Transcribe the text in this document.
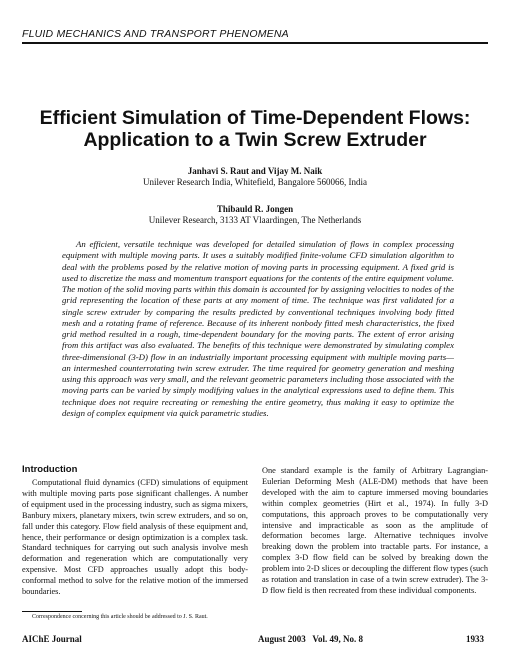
FLUID MECHANICS AND TRANSPORT PHENOMENA
Efficient Simulation of Time-Dependent Flows:
Application to a Twin Screw Extruder
Janhavi S. Raut and Vijay M. Naik
Unilever Research India, Whitefield, Bangalore 560066, India
Thibauld R. Jongen
Unilever Research, 3133 AT Vlaardingen, The Netherlands

An efficient, versatile technique was developed for detailed simulation of flows in complex processing equipment with multiple moving parts. It uses a suitably modified finite-volume CFD simulation algorithm to deal with the problems posed by the relative motion of moving parts in processing equipment. A fixed grid is used to discretize the mass and momentum transport equations for the contents of the entire equipment volume. The motion of the solid moving parts within this domain is accounted for by assigning velocities to nodes of the grid representing the location of these parts at any moment of time. The technique was first validated for a single screw extruder by comparing the results predicted by conventional techniques involving body fitted mesh and a rotating frame of reference. Because of its inherent nonbody fitted mesh characteristics, the fixed grid method resulted in a rough, time-dependent boundary for the moving parts. The extent of error arising from this artifact was also evaluated. The benefits of this technique were demonstrated by simulating complex three-dimensional (3-D) flow in an industrially important processing equipment with multiple moving parts—an intermeshed counterrotating twin screw extruder. The time required for geometry generation and meshing using this approach was very small, and the relevant geometric parameters including those associated with the moving parts can be varied by simply modifying values in the analytical expressions used to define them. This technique does not require recreating or remeshing the entire geometry, thus making it easy to optimize the design of complex equipment via quick parametric studies.

Introduction

Computational fluid dynamics (CFD) simulations of equipment with multiple moving parts pose significant challenges. A number of equipment used in the processing industry, such as sigma mixers, Banbury mixers, planetary mixers, twin screw extruders, and so on, fall under this category. Flow field analysis of these equipment and, hence, their performance or design optimization is a complex task. Standard techniques for carrying out such analysis involve mesh deformation and regeneration which are computationally very expensive. Most CFD approaches usually adopt this body-conformal method to solve for the relative motion of the immersed boundaries.

One standard example is the family of Arbitrary Lagrangian-Eulerian Deforming Mesh (ALE-DM) methods that have been developed with the aim to capture immersed moving boundaries within complex geometries (Hirt et al., 1974). In fully 3-D computations, this approach proves to be computationally very intensive and impracticable as soon as the amplitude of deformation becomes large. Alternative techniques involve breaking down the problem into tractable parts. For instance, a complex 3-D flow field can be solved by breaking down the problem into 2-D slices or decoupling the different flow types (such as rotation and translation in case of a twin screw extruder). The 3-D flow field is then recreated from these individual components.

Correspondence concerning this article should be addressed to J. S. Raut.
AIChE Journal	August 2003   Vol. 49, No. 8	1933
